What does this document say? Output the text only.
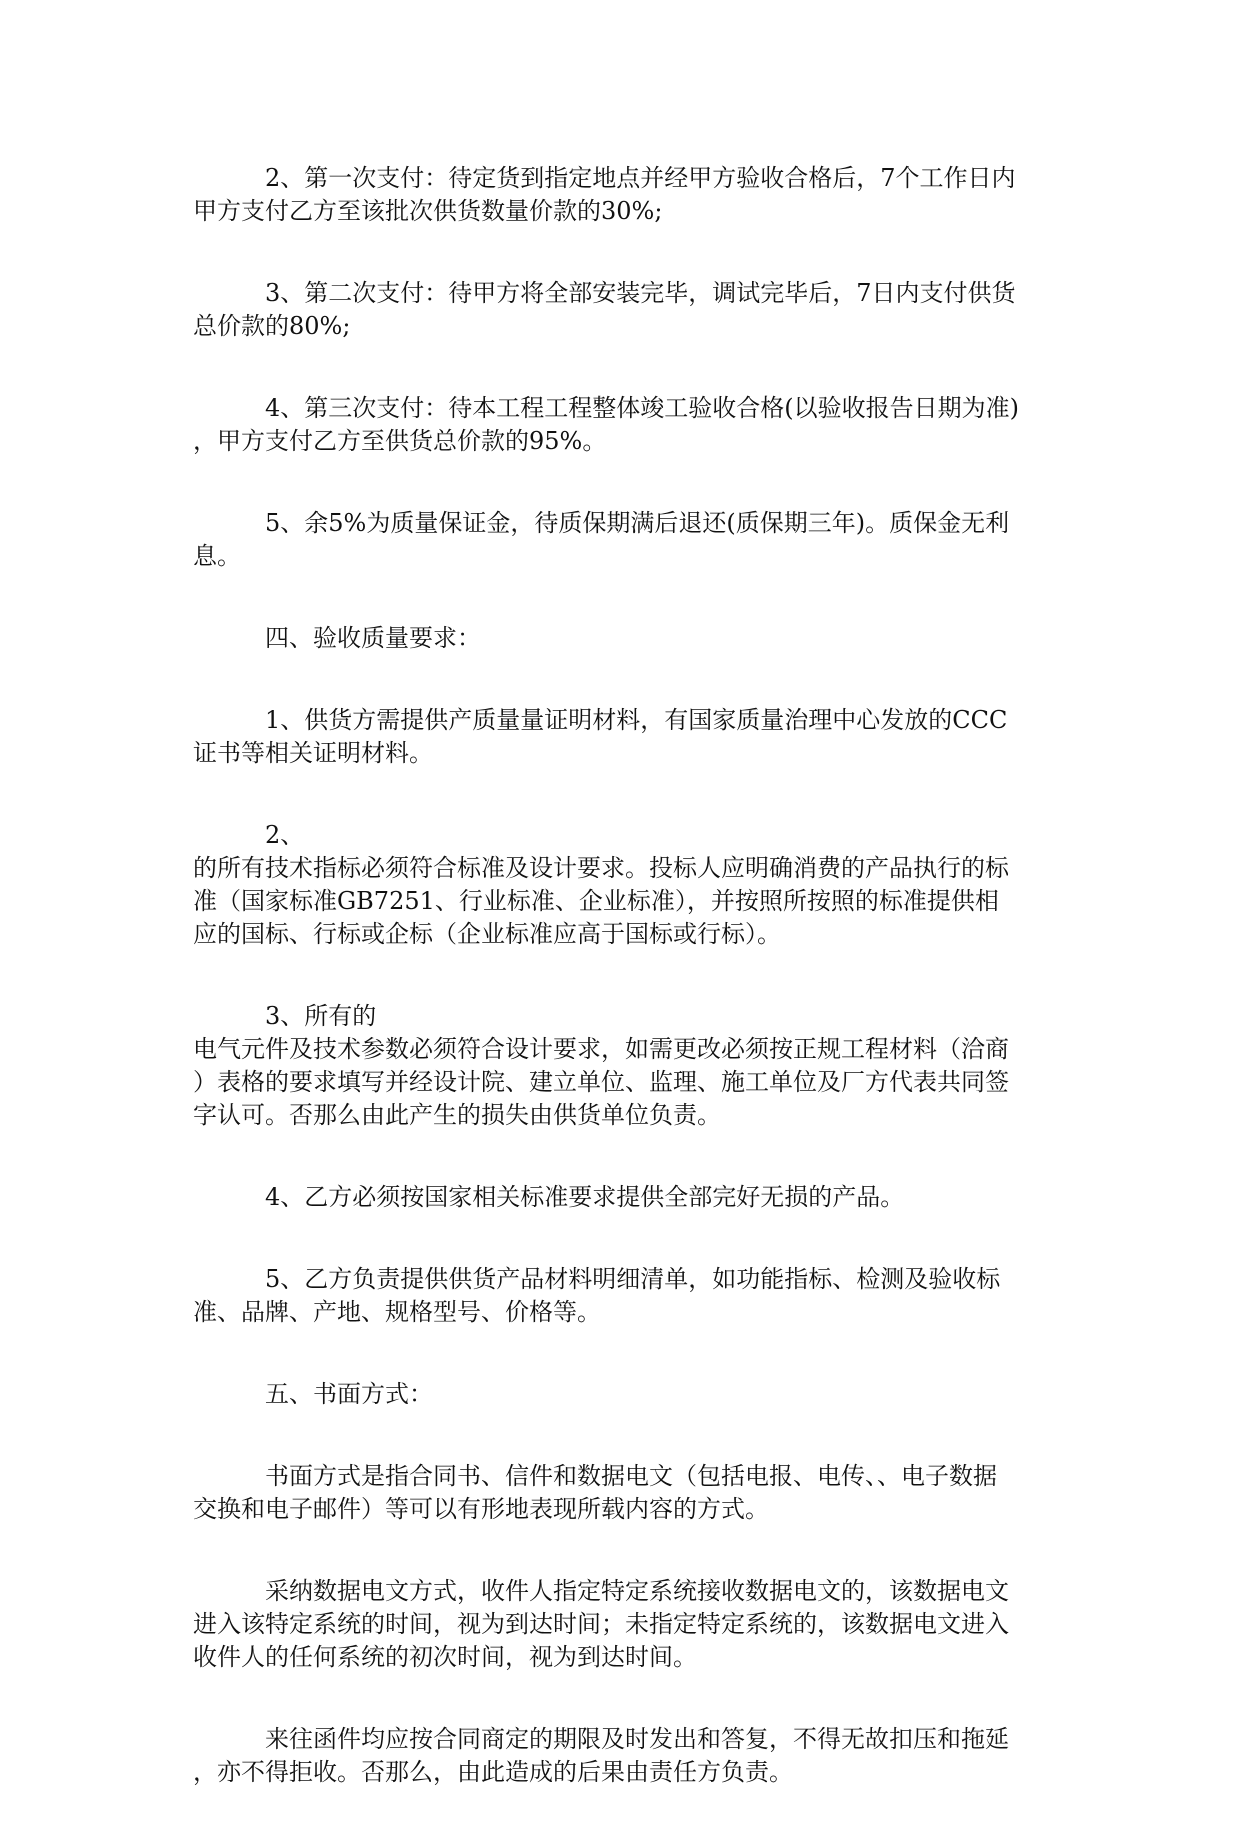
2、第一次支付：待定货到指定地点并经甲方验收合格后，7个工作日内
甲方支付乙方至该批次供货数量价款的30%;

3、第二次支付：待甲方将全部安装完毕，调试完毕后，7日内支付供货
总价款的80%;

4、第三次支付：待本工程工程整体竣工验收合格(以验收报告日期为准)
，甲方支付乙方至供货总价款的95%。

5、余5%为质量保证金，待质保期满后退还(质保期三年)。质保金无利
息。

四、验收质量要求：

1、供货方需提供产质量量证明材料，有国家质量治理中心发放的CCC
证书等相关证明材料。

2、
的所有技术指标必须符合标准及设计要求。投标人应明确消费的产品执行的标
准（国家标准GB7251、行业标准、企业标准），并按照所按照的标准提供相
应的国标、行标或企标（企业标准应高于国标或行标）。

3、所有的
电气元件及技术参数必须符合设计要求，如需更改必须按正规工程材料（洽商
）表格的要求填写并经设计院、建立单位、监理、施工单位及厂方代表共同签
字认可。否那么由此产生的损失由供货单位负责。

4、乙方必须按国家相关标准要求提供全部完好无损的产品。

5、乙方负责提供供货产品材料明细清单，如功能指标、检测及验收标
准、品牌、产地、规格型号、价格等。

五、书面方式：

书面方式是指合同书、信件和数据电文（包括电报、电传、、电子数据
交换和电子邮件）等可以有形地表现所载内容的方式。

采纳数据电文方式，收件人指定特定系统接收数据电文的，该数据电文
进入该特定系统的时间，视为到达时间；未指定特定系统的，该数据电文进入
收件人的任何系统的初次时间，视为到达时间。

来往函件均应按合同商定的期限及时发出和答复，不得无故扣压和拖延
，亦不得拒收。否那么，由此造成的后果由责任方负责。
